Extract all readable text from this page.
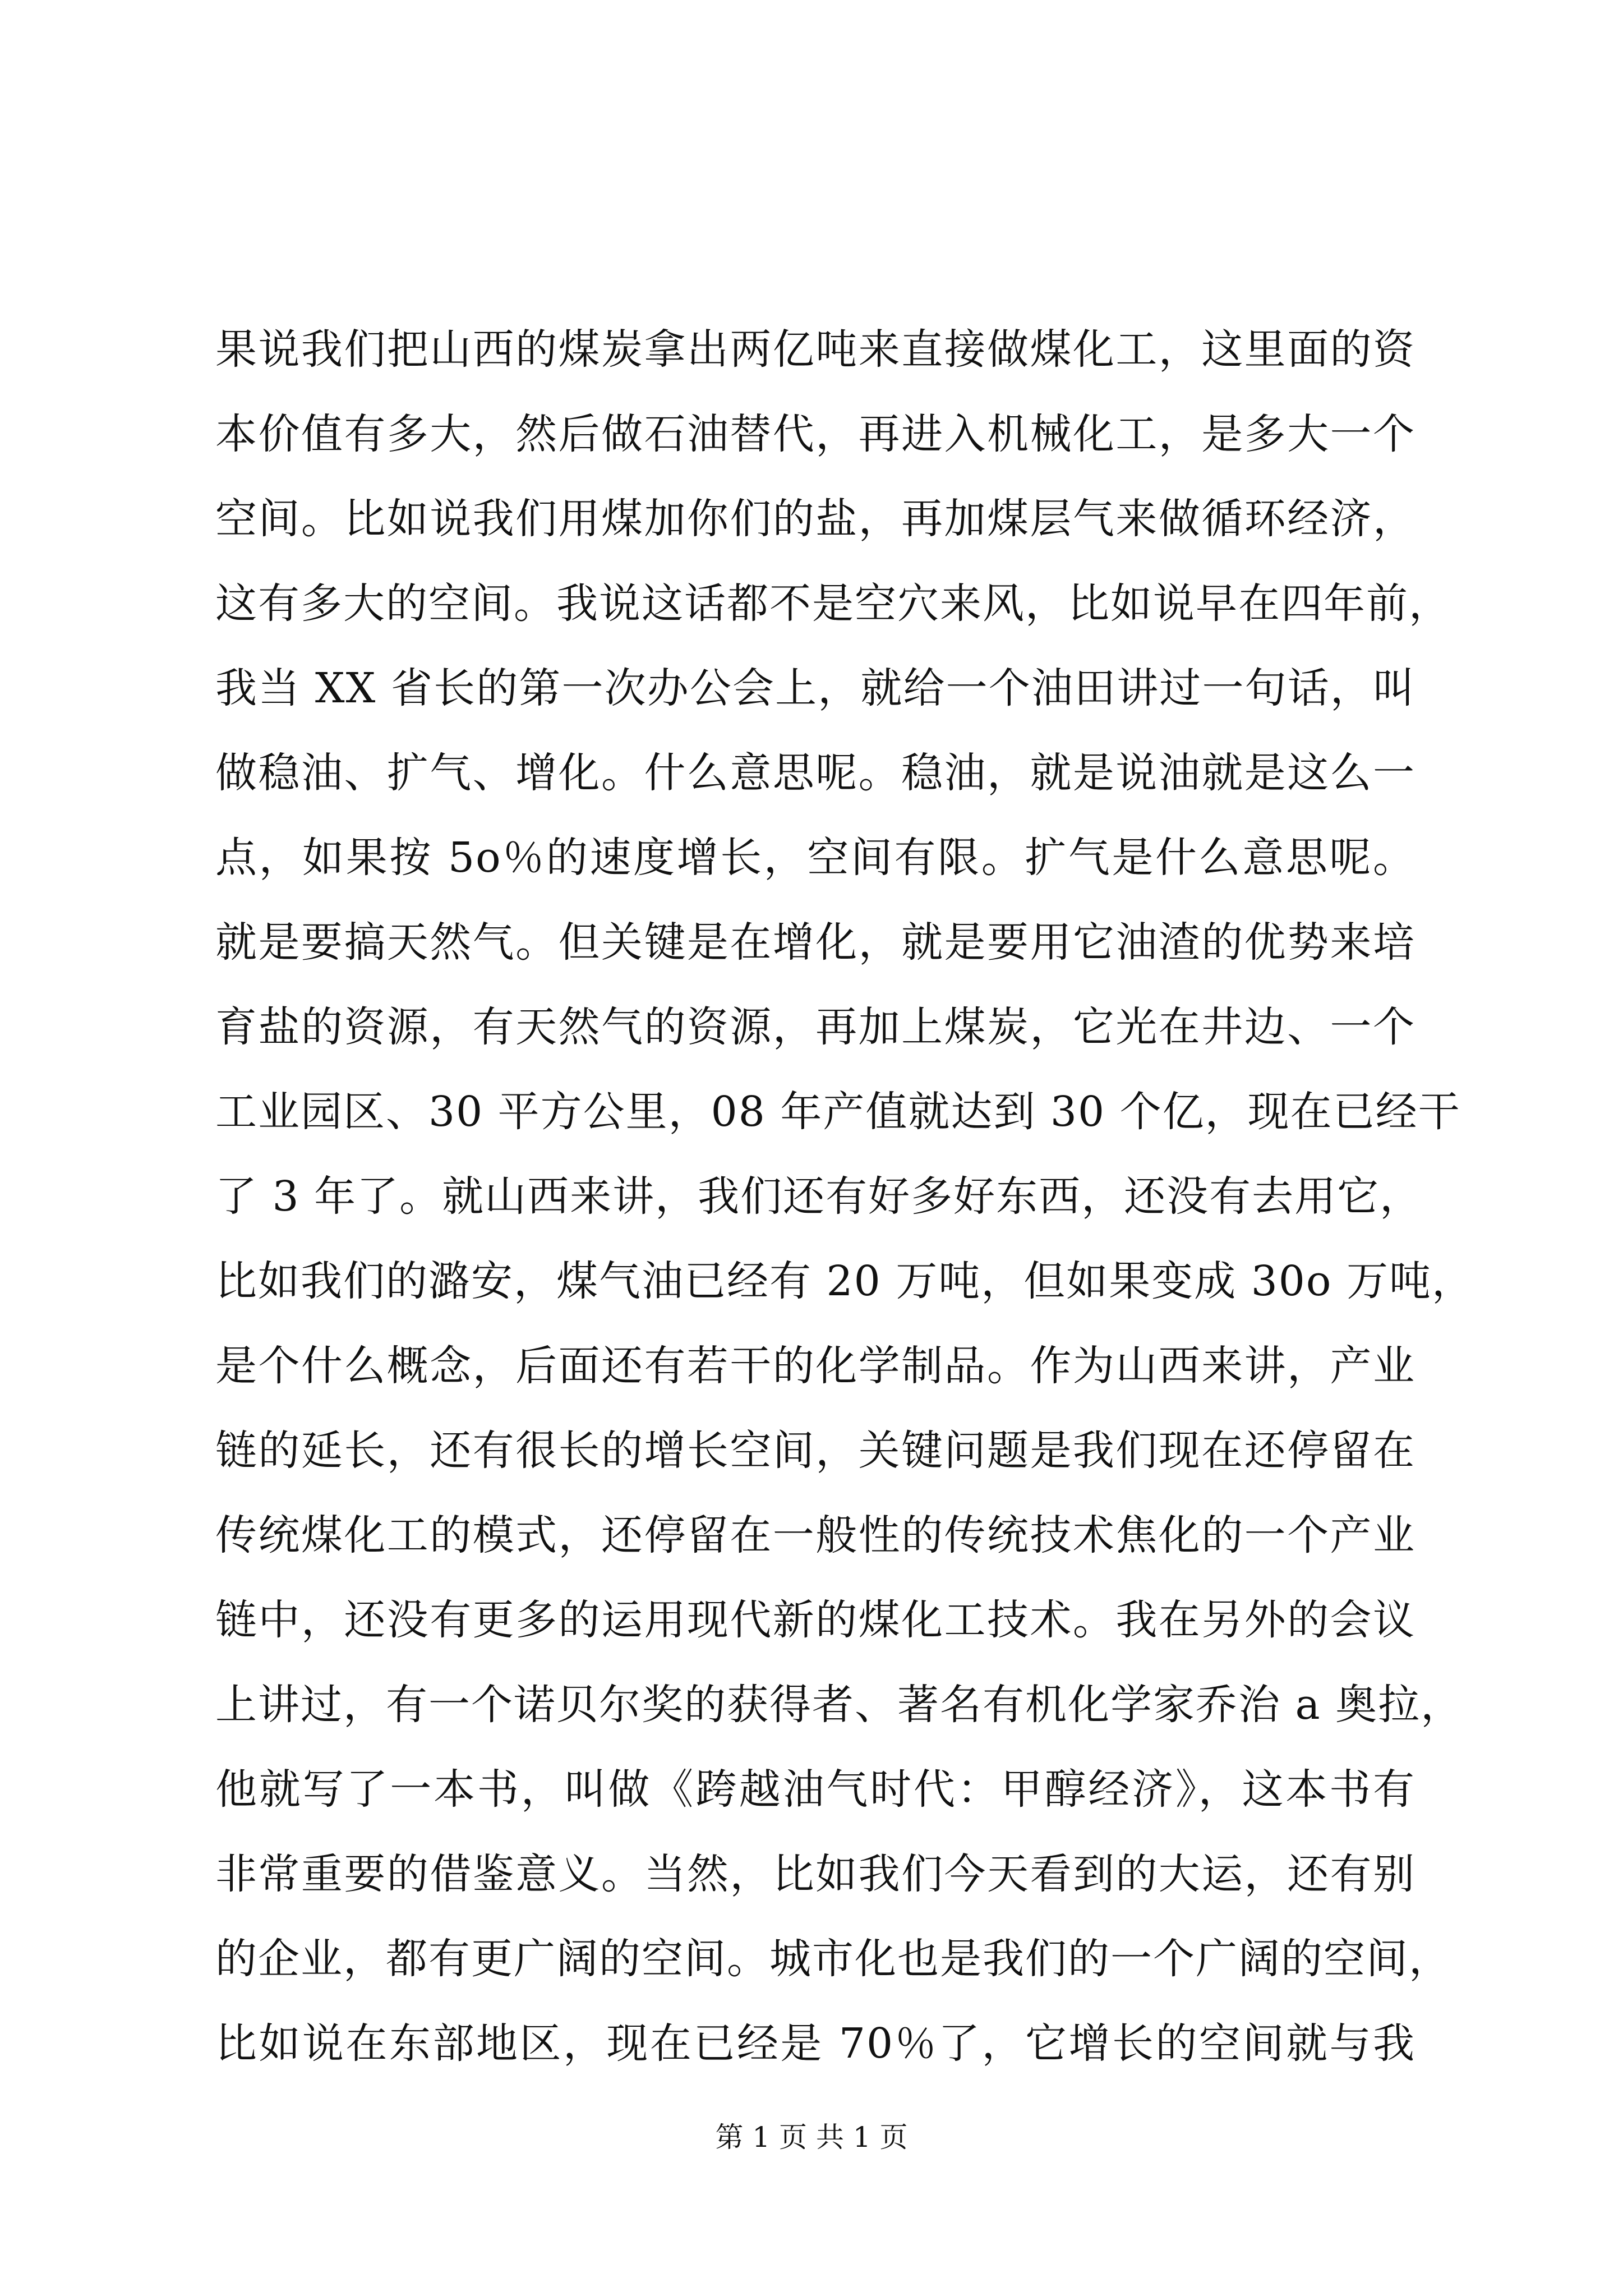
果说我们把山西的煤炭拿出两亿吨来直接做煤化工，这里面的资
本价值有多大，然后做石油替代，再进入机械化工，是多大一个
空间。比如说我们用煤加你们的盐，再加煤层气来做循环经济，
这有多大的空间。我说这话都不是空穴来风，比如说早在四年前，
我当 XX 省长的第一次办公会上，就给一个油田讲过一句话，叫
做稳油、扩气、增化。什么意思呢。稳油，就是说油就是这么一
点，如果按 5o％的速度增长，空间有限。扩气是什么意思呢。
就是要搞天然气。但关键是在增化，就是要用它油渣的优势来培
育盐的资源，有天然气的资源，再加上煤炭，它光在井边、一个
工业园区、30 平方公里，08 年产值就达到 30 个亿，现在已经干
了 3 年了。就山西来讲，我们还有好多好东西，还没有去用它，
比如我们的潞安，煤气油已经有 20 万吨，但如果变成 30o 万吨，
是个什么概念，后面还有若干的化学制品。作为山西来讲，产业
链的延长，还有很长的增长空间，关键问题是我们现在还停留在
传统煤化工的模式，还停留在一般性的传统技术焦化的一个产业
链中，还没有更多的运用现代新的煤化工技术。我在另外的会议
上讲过，有一个诺贝尔奖的获得者、著名有机化学家乔治 a 奥拉，
他就写了一本书，叫做《跨越油气时代：甲醇经济》，这本书有
非常重要的借鉴意义。当然，比如我们今天看到的大运，还有别
的企业，都有更广阔的空间。城市化也是我们的一个广阔的空间，
比如说在东部地区，现在已经是 70％了，它增长的空间就与我
第 1 页 共 1 页
